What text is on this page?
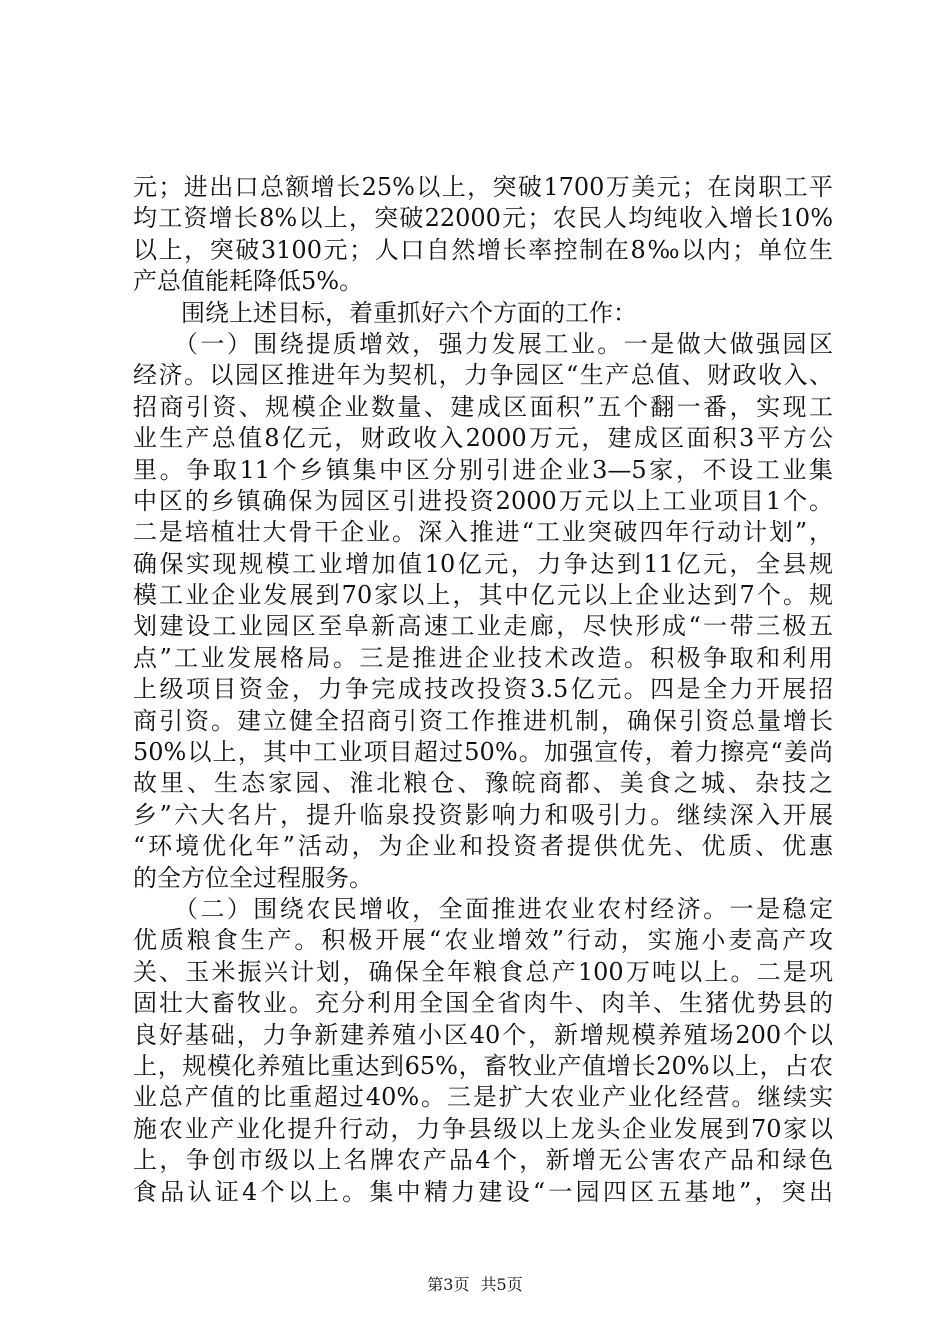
元；进出口总额增长25%以上，突破1700万美元；在岗职工平
均工资增长8%以上，突破22000元；农民人均纯收入增长10%
以上，突破3100元；人口自然增长率控制在8‰以内；单位生
产总值能耗降低5%。
　　围绕上述目标，着重抓好六个方面的工作：
　　（一）围绕提质增效，强力发展工业。一是做大做强园区
经济。以园区推进年为契机，力争园区“生产总值、财政收入、
招商引资、规模企业数量、建成区面积”五个翻一番，实现工
业生产总值8亿元，财政收入2000万元，建成区面积3平方公
里。争取11个乡镇集中区分别引进企业3—5家，不设工业集
中区的乡镇确保为园区引进投资2000万元以上工业项目1个。
二是培植壮大骨干企业。深入推进“工业突破四年行动计划”，
确保实现规模工业增加值10亿元，力争达到11亿元，全县规
模工业企业发展到70家以上，其中亿元以上企业达到7个。规
划建设工业园区至阜新高速工业走廊，尽快形成“一带三极五
点”工业发展格局。三是推进企业技术改造。积极争取和利用
上级项目资金，力争完成技改投资3.5亿元。四是全力开展招
商引资。建立健全招商引资工作推进机制，确保引资总量增长
50%以上，其中工业项目超过50%。加强宣传，着力擦亮“姜尚
故里、生态家园、淮北粮仓、豫皖商都、美食之城、杂技之
乡”六大名片，提升临泉投资影响力和吸引力。继续深入开展
“环境优化年”活动，为企业和投资者提供优先、优质、优惠
的全方位全过程服务。
　　（二）围绕农民增收，全面推进农业农村经济。一是稳定
优质粮食生产。积极开展“农业增效”行动，实施小麦高产攻
关、玉米振兴计划，确保全年粮食总产100万吨以上。二是巩
固壮大畜牧业。充分利用全国全省肉牛、肉羊、生猪优势县的
良好基础，力争新建养殖小区40个，新增规模养殖场200个以
上，规模化养殖比重达到65%，畜牧业产值增长20%以上，占农
业总产值的比重超过40%。三是扩大农业产业化经营。继续实
施农业产业化提升行动，力争县级以上龙头企业发展到70家以
上，争创市级以上名牌农产品4个，新增无公害农产品和绿色
食品认证4个以上。集中精力建设“一园四区五基地”，突出
第3页 共5页
